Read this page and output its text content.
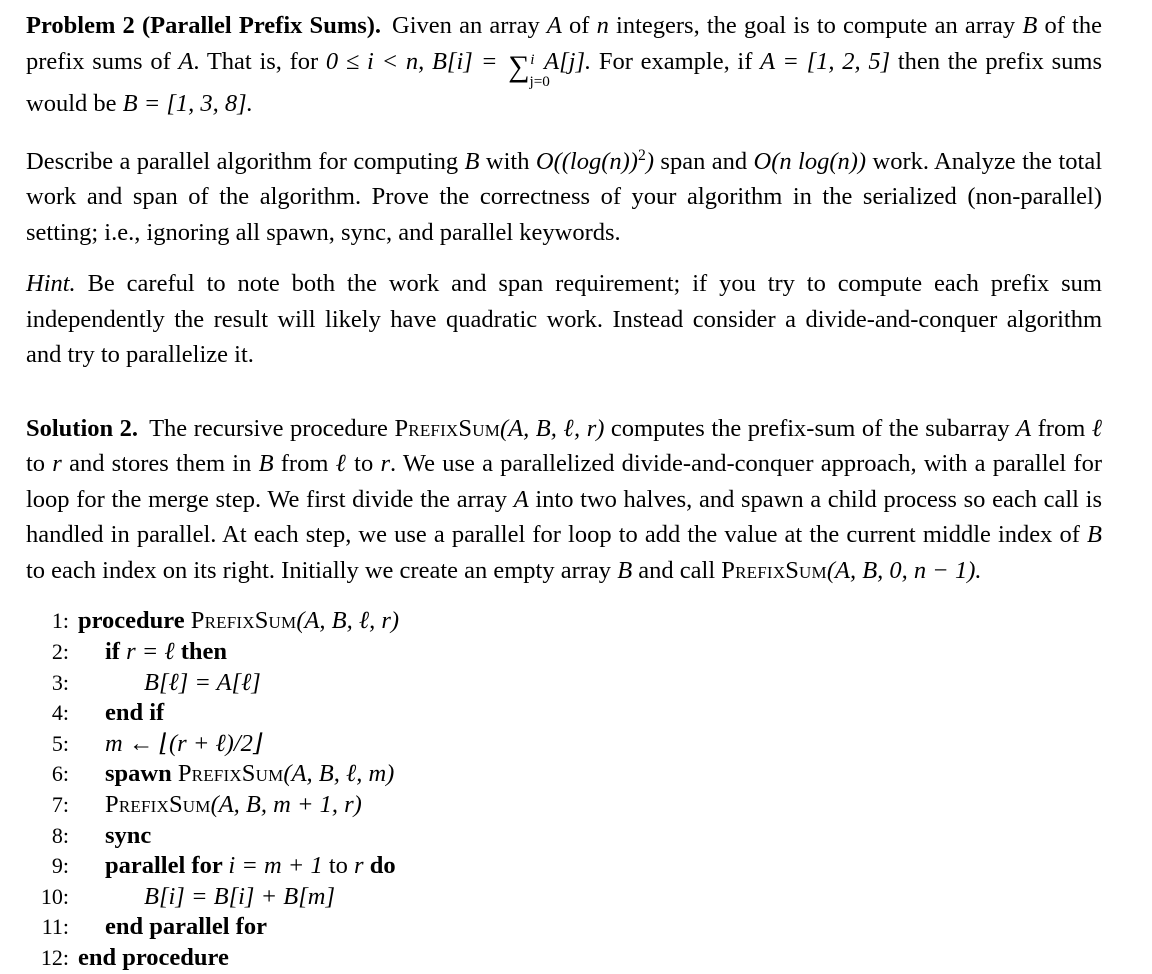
Problem 2 (Parallel Prefix Sums). Given an array A of n integers, the goal is to compute an array B of the prefix sums of A. That is, for 0 ≤ i < n, B[i] = ∑ i
j=0
A[j]. For example, if A = [1, 2, 5] then the prefix sums would be B = [1, 3, 8].

Describe a parallel algorithm for computing B with $O((\log(n))^2)$ span and O(n log(n)) work. Analyze the total work and span of the algorithm. Prove the correctness of your algorithm in the serialized (non-parallel) setting; i.e., ignoring all spawn, sync, and parallel keywords.

Hint. Be careful to note both the work and span requirement; if you try to compute each prefix sum independently the result will likely have quadratic work. Instead consider a divide-and-conquer algorithm and try to parallelize it.

Solution 2. The recursive procedure PrefixSum(A, B, ℓ, r) computes the prefix-sum of the subarray A from ℓ to r and stores them in B from ℓ to r. We use a parallelized divide-and-conquer approach, with a parallel for loop for the merge step. We first divide the array A into two halves, and spawn a child process so each call is handled in parallel. At each step, we use a parallel for loop to add the value at the current middle index of B to each index on its right. Initially we create an empty array B and call PrefixSum(A, B, 0, n − 1).

1: procedure PrefixSum(A, B, ℓ, r)
2:	if r = ℓ then
3:	B[ℓ] = A[ℓ]
4:	end if
5:	m ← ⌊(r + ℓ)/2⌋
6:	spawn PrefixSum(A, B, ℓ, m)
7:	PrefixSum(A, B, m + 1, r)
8:	sync
9:	parallel for i = m + 1 to r do
10:	B[i] = B[i] + B[m]
11:	end parallel for
12: end procedure
